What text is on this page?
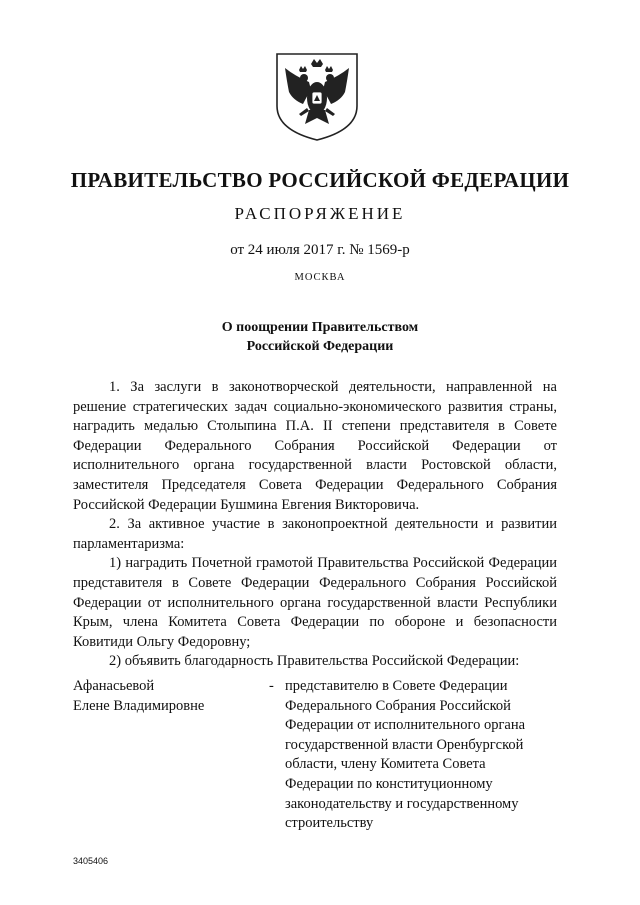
ПРАВИТЕЛЬСТВО РОССИЙСКОЙ ФЕДЕРАЦИИ
РАСПОРЯЖЕНИЕ
от 24 июля 2017 г. № 1569-р
МОСКВА
О поощрении Правительством
Российской Федерации

1. За заслуги в законотворческой деятельности, направленной на решение стратегических задач социально-экономического развития страны, наградить медалью Столыпина П.А. II степени представителя в Совете Федерации Федерального Собрания Российской Федерации от исполнительного органа государственной власти Ростовской области, заместителя Председателя Совета Федерации Федерального Собрания Российской Федерации Бушмина Евгения Викторовича.

2. За активное участие в законопроектной деятельности и развитии парламентаризма:

1) наградить Почетной грамотой Правительства Российской Федерации представителя в Совете Федерации Федерального Собрания Российской Федерации от исполнительного органа государственной власти Республики Крым, члена Комитета Совета Федерации по обороне и безопасности Ковитиди Ольгу Федоровну;

2) объявить благодарность Правительства Российской Федерации:

Афанасьевой
Елене Владимировне
- представителю в Совете Федерации Федерального Собрания Российской Федерации от исполнительного органа государственной власти Оренбургской области, члену Комитета Совета Федерации по конституционному законодательству и государственному строительству
3405406
